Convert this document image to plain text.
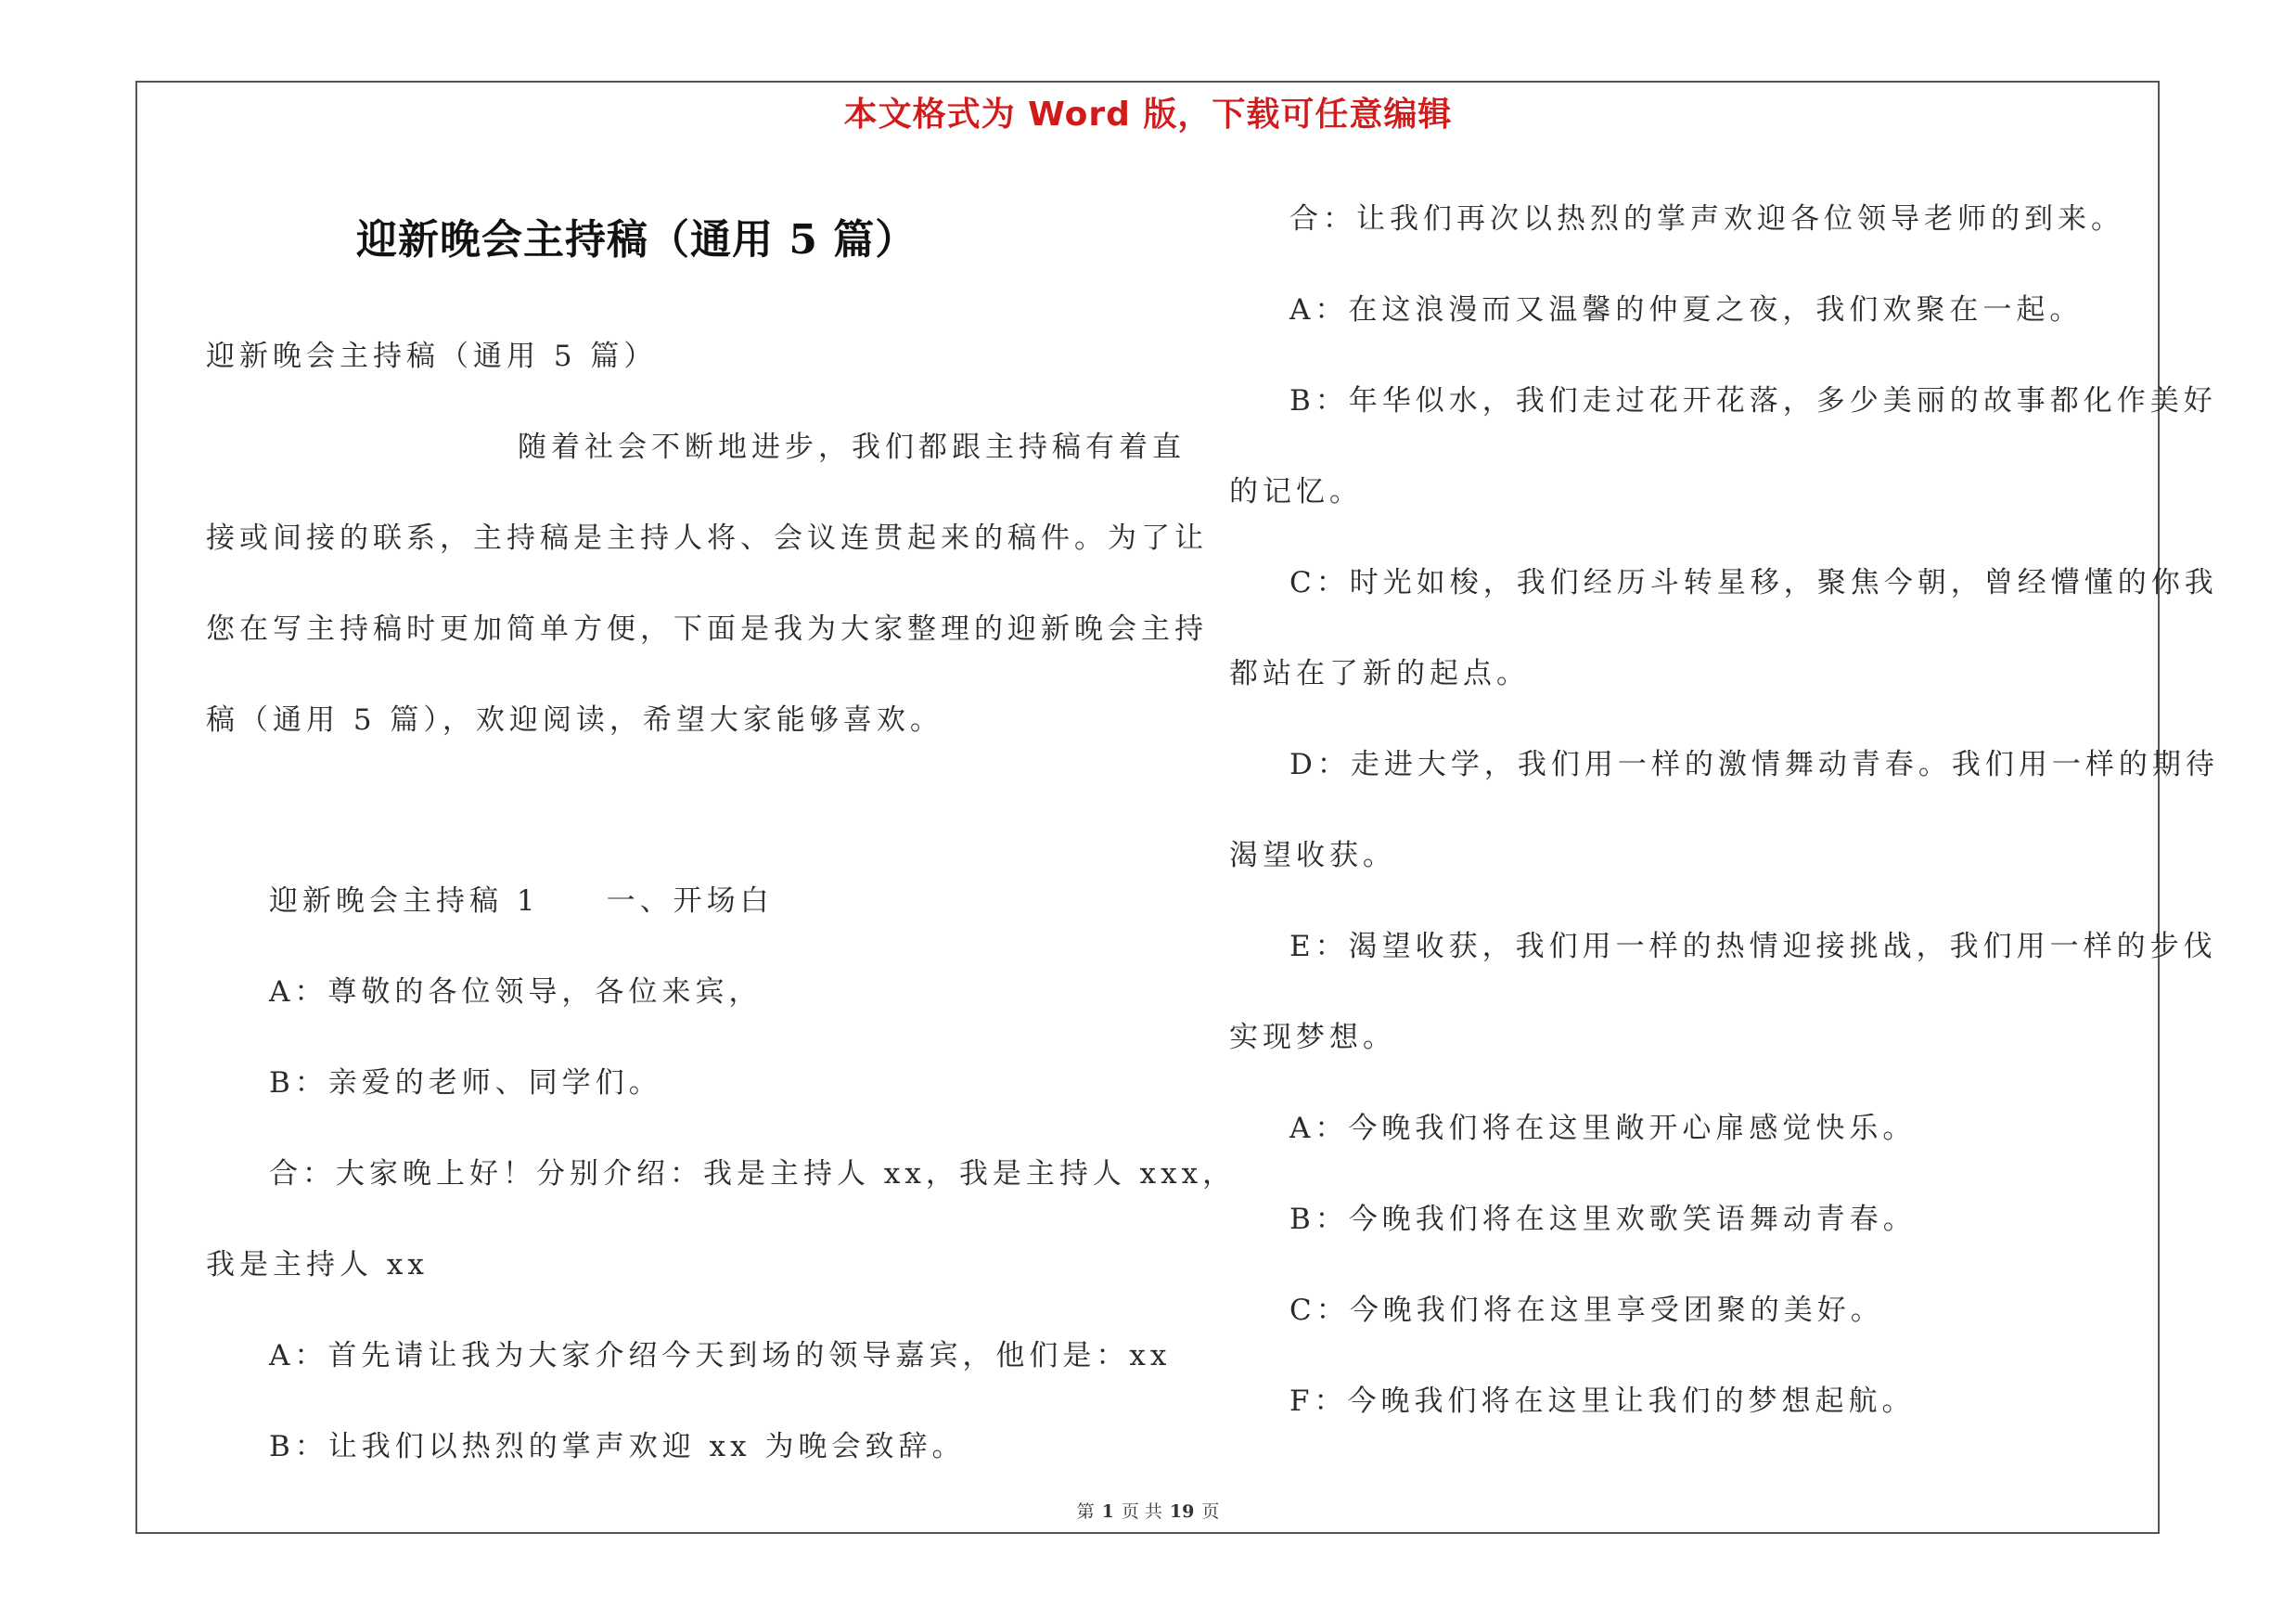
本文格式为 Word 版，下载可任意编辑
迎新晚会主持稿（通用 5 篇）
迎新晚会主持稿（通用 5 篇）
随着社会不断地进步，我们都跟主持稿有着直
接或间接的联系，主持稿是主持人将、会议连贯起来的稿件。为了让
您在写主持稿时更加简单方便，下面是我为大家整理的迎新晚会主持
稿（通用 5 篇），欢迎阅读，希望大家能够喜欢。
迎新晚会主持稿 1　　一、开场白
A：尊敬的各位领导，各位来宾，
B：亲爱的老师、同学们。
合：大家晚上好！分别介绍：我是主持人 xx，我是主持人 xxx，
我是主持人 xx
A：首先请让我为大家介绍今天到场的领导嘉宾，他们是：xx
B：让我们以热烈的掌声欢迎 xx 为晚会致辞。
合：让我们再次以热烈的掌声欢迎各位领导老师的到来。
A：在这浪漫而又温馨的仲夏之夜，我们欢聚在一起。
B：年华似水，我们走过花开花落，多少美丽的故事都化作美好
的记忆。
C：时光如梭，我们经历斗转星移，聚焦今朝，曾经懵懂的你我
都站在了新的起点。
D：走进大学，我们用一样的激情舞动青春。我们用一样的期待
渴望收获。
E：渴望收获，我们用一样的热情迎接挑战，我们用一样的步伐
实现梦想。
A：今晚我们将在这里敞开心扉感觉快乐。
B：今晚我们将在这里欢歌笑语舞动青春。
C：今晚我们将在这里享受团聚的美好。
F：今晚我们将在这里让我们的梦想起航。
第 1 页 共 19 页
